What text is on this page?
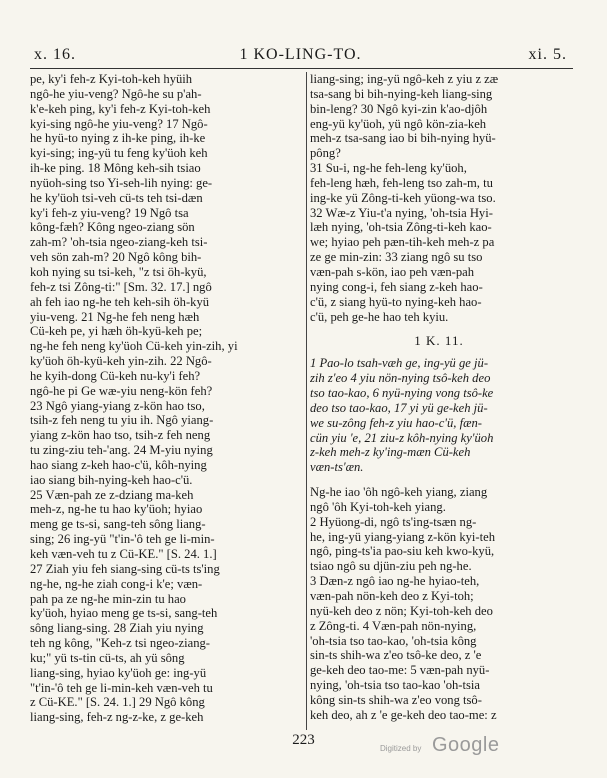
x. 16.	1 KO-LING-TO.	xi. 5.
pe, ky'i feh-z Kyi-toh-keh hyüih
ngô-he yiu-veng? Ngô-he su p'ah-
k'e-keh ping, ky'i feh-z Kyi-toh-keh
kyi-sing ngô-he yiu-veng? 17 Ngô-
he hyü-to nying z ih-ke ping, ih-ke
kyi-sing; ing-yü tu feng ky'üoh keh
ih-ke ping. 18 Mông keh-sih tsiao
nyüoh-sing tso Yi-seh-lih nying: ge-
he ky'üoh tsi-veh cü-ts teh tsi-dæn
ky'i feh-z yiu-veng? 19 Ngô tsa
kông-fæh? Kông ngeo-ziang sön
zah-m? 'oh-tsia ngeo-ziang-keh tsi-
veh sön zah-m? 20 Ngô kông bih-
koh nying su tsi-keh, "z tsi öh-kyü,
feh-z tsi Zông-ti:" [Sm. 32. 17.] ngô
ah feh iao ng-he teh keh-sih öh-kyü
yiu-veng. 21 Ng-he feh neng hæh
Cü-keh pe, yi hæh öh-kyü-keh pe;
ng-he feh neng ky'üoh Cü-keh yin-zih, yi
ky'üoh öh-kyü-keh yin-zih. 22 Ngô-
he kyih-dong Cü-keh nu-ky'i feh?
ngô-he pi Ge wæ-yiu neng-kön feh?
23 Ngô yiang-yiang z-kön hao tso,
tsih-z feh neng tu yiu ih. Ngô yiang-
yiang z-kön hao tso, tsih-z feh neng
tu zing-ziu teh-'ang. 24 M-yiu nying
hao siang z-keh hao-c'ü, kôh-nying
iao siang bih-nying-keh hao-c'ü.
25 Væn-pah ze z-dziang ma-keh
meh-z, ng-he tu hao ky'üoh; hyiao
meng ge ts-si, sang-teh sông liang-
sing; 26 ing-yü "t'in-'ô teh ge li-min-
keh væn-veh tu z Cü-KE." [S. 24. 1.]
27 Ziah yiu feh siang-sing cü-ts ts'ing
ng-he, ng-he ziah cong-i k'e; væn-
pah pa ze ng-he min-zin tu hao
ky'üoh, hyiao meng ge ts-si, sang-teh
sông liang-sing. 28 Ziah yiu nying
teh ng kông, "Keh-z tsi ngeo-ziang-
ku;" yü ts-tin cü-ts, ah yü sông
liang-sing, hyiao ky'üoh ge: ing-yü
"t'in-'ô teh ge li-min-keh væn-veh tu
z Cü-KE." [S. 24. 1.] 29 Ngô kông
liang-sing, feh-z ng-z-ke, z ge-keh
liang-sing; ing-yü ngô-keh z yiu z zæ
tsa-sang bi bih-nying-keh liang-sing
bin-leng? 30 Ngô kyi-zin k'ao-djôh
eng-yü ky'üoh, yü ngô kön-zia-keh
meh-z tsa-sang iao bi bih-nying hyü-
pông?
31 Su-i, ng-he feh-leng ky'üoh,
feh-leng hæh, feh-leng tso zah-m, tu
ing-ke yü Zông-ti-keh yüong-wa tso.
32 Wæ-z Yiu-t'a nying, 'oh-tsia Hyi-
læh nying, 'oh-tsia Zông-ti-keh kao-
we; hyiao peh pæn-tih-keh meh-z pa
ze ge min-zin: 33 ziang ngô su tso
væn-pah s-kön, iao peh væn-pah
nying cong-i, feh siang z-keh hao-
c'ü, z siang hyü-to nying-keh hao-
c'ü, peh ge-he hao teh kyiu.
1 K. 11.
1 Pao-lo tsah-væh ge, ing-yü ge jü-
zih z'eo 4 yiu nön-nying tsô-keh deo
tso tao-kao, 6 nyü-nying vong tsô-ke
deo tso tao-kao, 17 yi yü ge-keh jü-
we su-zông feh-z yiu hao-c'ü, fæn-
cün yiu 'e, 21 ziu-z kôh-nying ky'üoh
z-keh meh-z ky'ing-mæn Cü-keh
væn-ts'æn.
Ng-he iao 'ôh ngô-keh yiang, ziang
ngô 'ôh Kyi-toh-keh yiang.
2 Hyüong-di, ngô ts'ing-tsæn ng-
he, ing-yü yiang-yiang z-kön kyi-teh
ngô, ping-ts'ia pao-siu keh kwo-kyü,
tsiao ngô su djün-ziu peh ng-he.
3 Dæn-z ngô iao ng-he hyiao-teh,
væn-pah nön-keh deo z Kyi-toh;
nyü-keh deo z nön; Kyi-toh-keh deo
z Zông-ti. 4 Væn-pah nön-nying,
'oh-tsia tso tao-kao, 'oh-tsia kông
sin-ts shih-wa z'eo tsô-ke deo, z 'e
ge-keh deo tao-me: 5 væn-pah nyü-
nying, 'oh-tsia tso tao-kao 'oh-tsia
kông sin-ts shih-wa z'eo vong tsô-
keh deo, ah z 'e ge-keh deo tao-me: z
223
Digitized by Google
